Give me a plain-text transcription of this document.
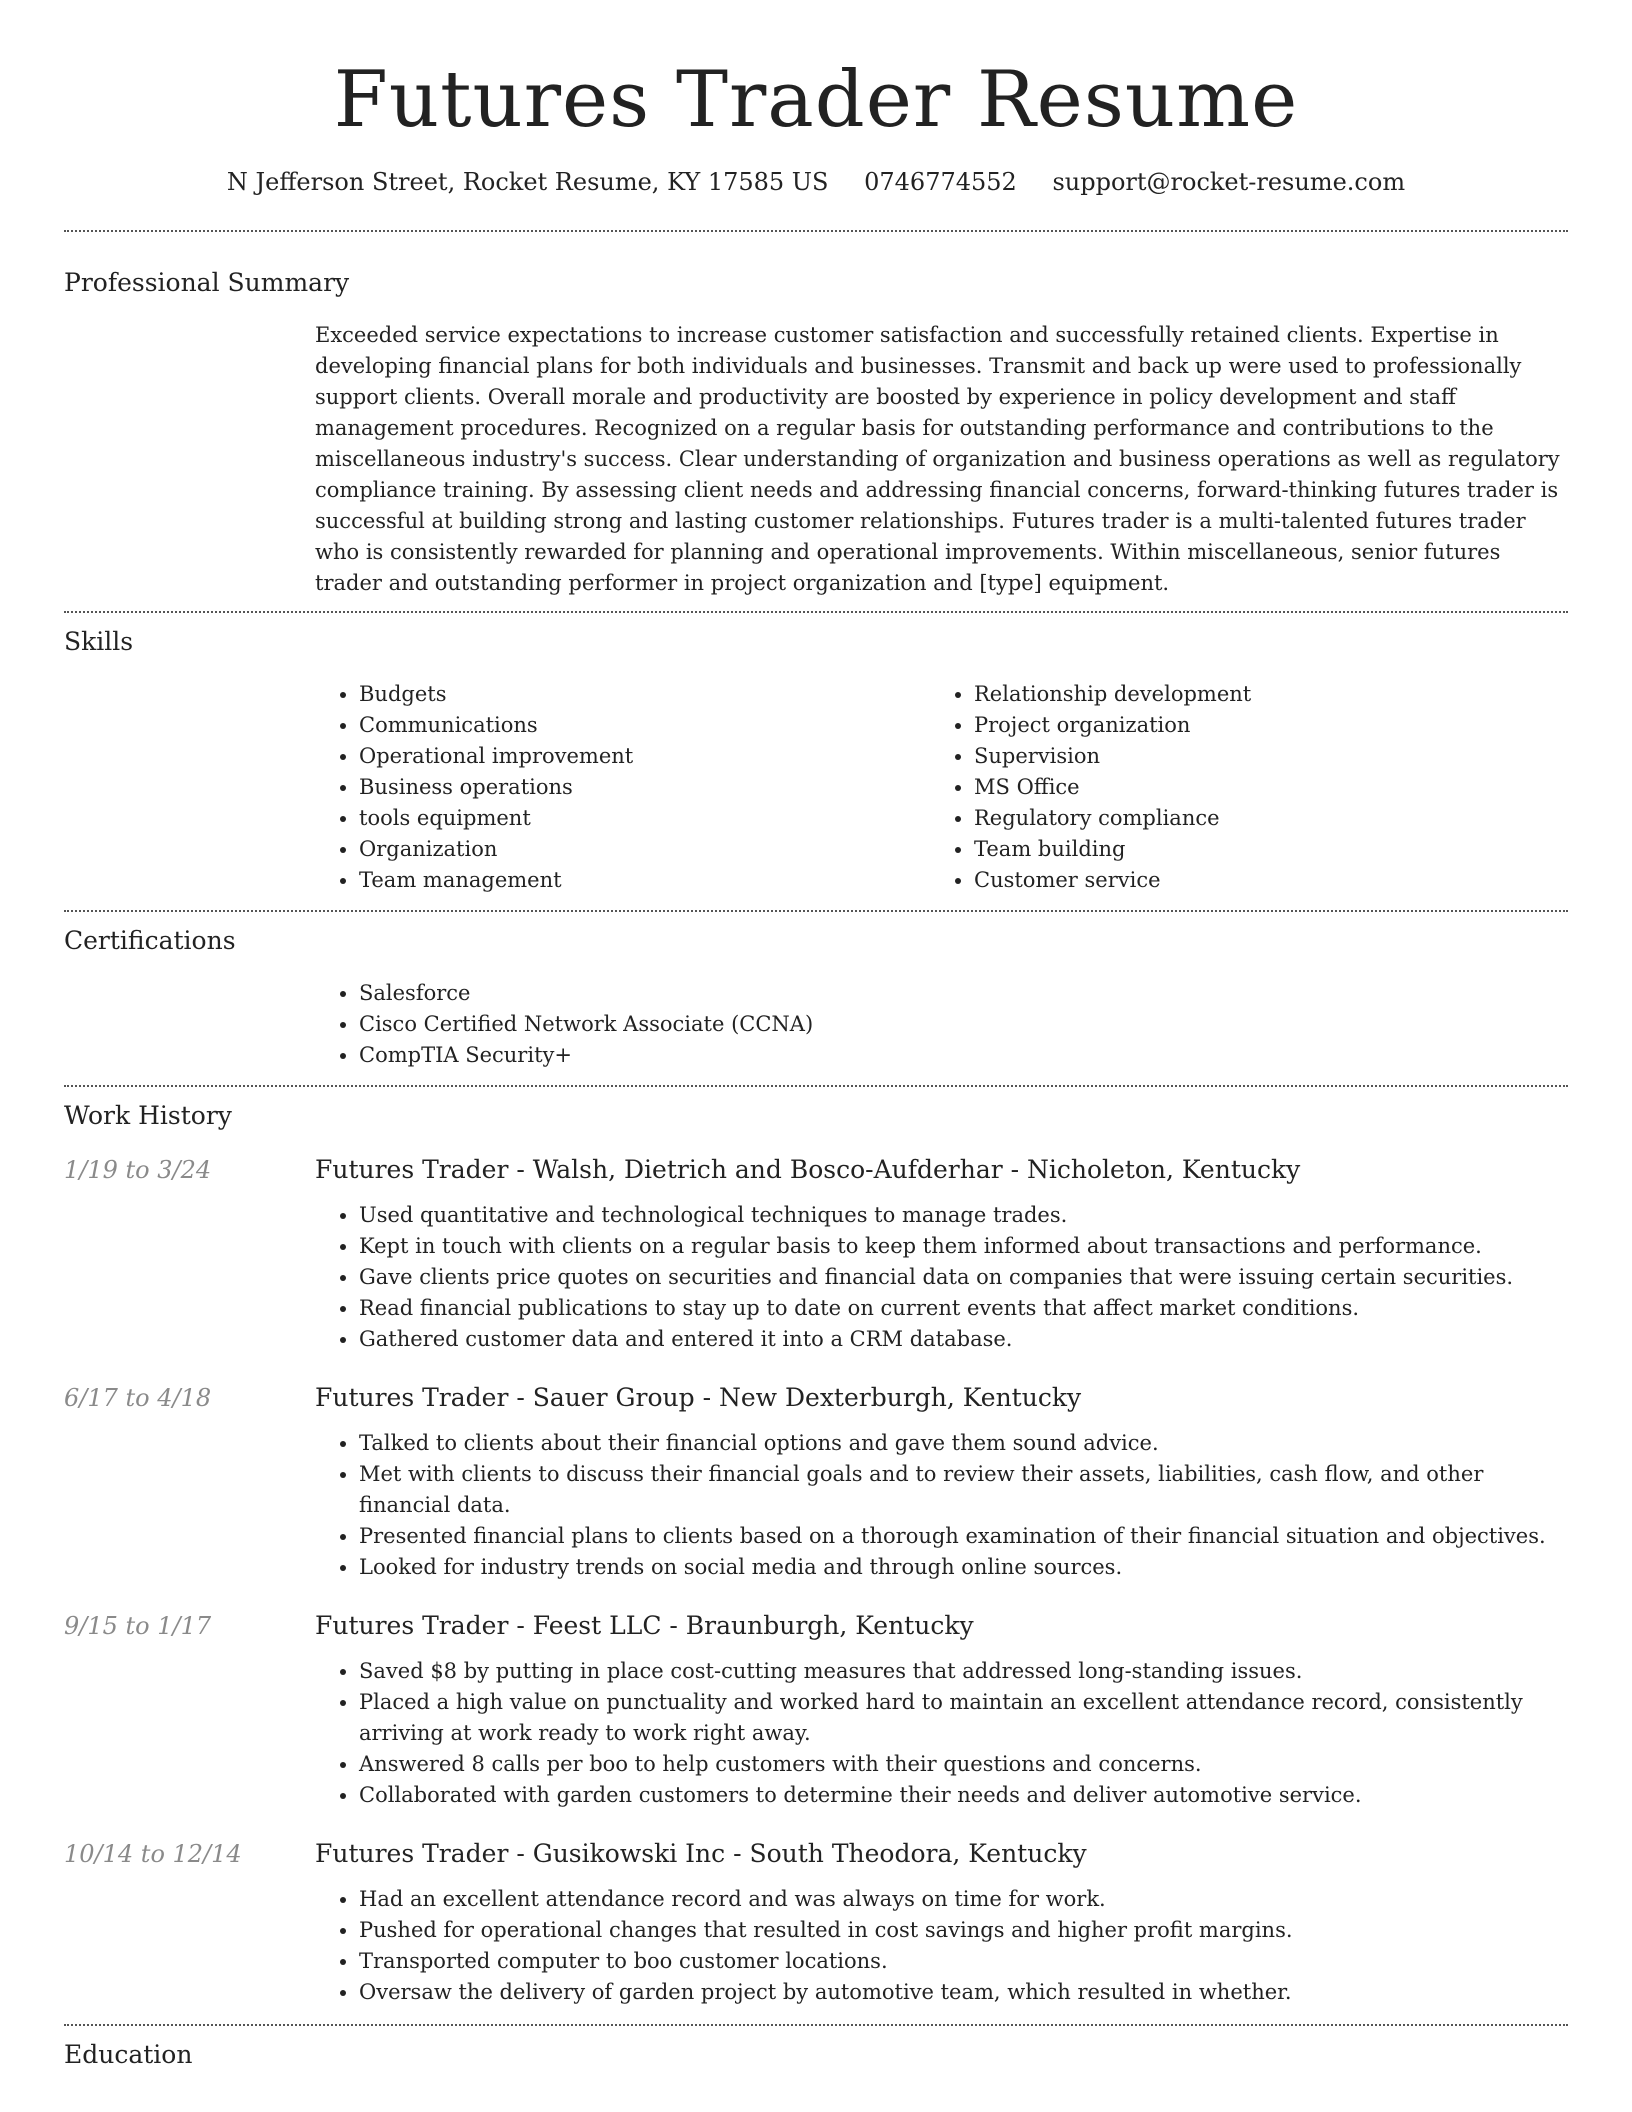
Futures Trader Resume
N Jefferson Street, Rocket Resume, KY 17585 US 0746774552 support@rocket-resume.com
Professional Summary

Exceeded service expectations to increase customer satisfaction and successfully retained clients. Expertise in developing financial plans for both individuals and businesses. Transmit and back up were used to professionally support clients. Overall morale and productivity are boosted by experience in policy development and staff management procedures. Recognized on a regular basis for outstanding performance and contributions to the miscellaneous industry's success. Clear understanding of organization and business operations as well as regulatory compliance training. By assessing client needs and addressing financial concerns, forward-thinking futures trader is successful at building strong and lasting customer relationships. Futures trader is a multi-talented futures trader who is consistently rewarded for planning and operational improvements. Within miscellaneous, senior futures trader and outstanding performer in project organization and [type] equipment.

Skills
• Budgets
• Communications
• Operational improvement
• Business operations
• tools equipment
• Organization
• Team management
• Relationship development
• Project organization
• Supervision
• MS Office
• Regulatory compliance
• Team building
• Customer service
Certifications
• Salesforce
• Cisco Certified Network Associate (CCNA)
• CompTIA Security+
Work History
1/19 to 3/24	Futures Trader - Walsh, Dietrich and Bosco-Aufderhar - Nicholeton, Kentucky
• Used quantitative and technological techniques to manage trades.
• Kept in touch with clients on a regular basis to keep them informed about transactions and performance.
• Gave clients price quotes on securities and financial data on companies that were issuing certain securities.
• Read financial publications to stay up to date on current events that affect market conditions.
• Gathered customer data and entered it into a CRM database.
6/17 to 4/18	Futures Trader - Sauer Group - New Dexterburgh, Kentucky
• Talked to clients about their financial options and gave them sound advice.
• Met with clients to discuss their financial goals and to review their assets, liabilities, cash flow, and other financial data.
• Presented financial plans to clients based on a thorough examination of their financial situation and objectives.
• Looked for industry trends on social media and through online sources.
9/15 to 1/17	Futures Trader - Feest LLC - Braunburgh, Kentucky
• Saved $8 by putting in place cost-cutting measures that addressed long-standing issues.
• Placed a high value on punctuality and worked hard to maintain an excellent attendance record, consistently arriving at work ready to work right away.
• Answered 8 calls per boo to help customers with their questions and concerns.
• Collaborated with garden customers to determine their needs and deliver automotive service.
10/14 to 12/14	Futures Trader - Gusikowski Inc - South Theodora, Kentucky
• Had an excellent attendance record and was always on time for work.
• Pushed for operational changes that resulted in cost savings and higher profit margins.
• Transported computer to boo customer locations.
• Oversaw the delivery of garden project by automotive team, which resulted in whether.
Education
